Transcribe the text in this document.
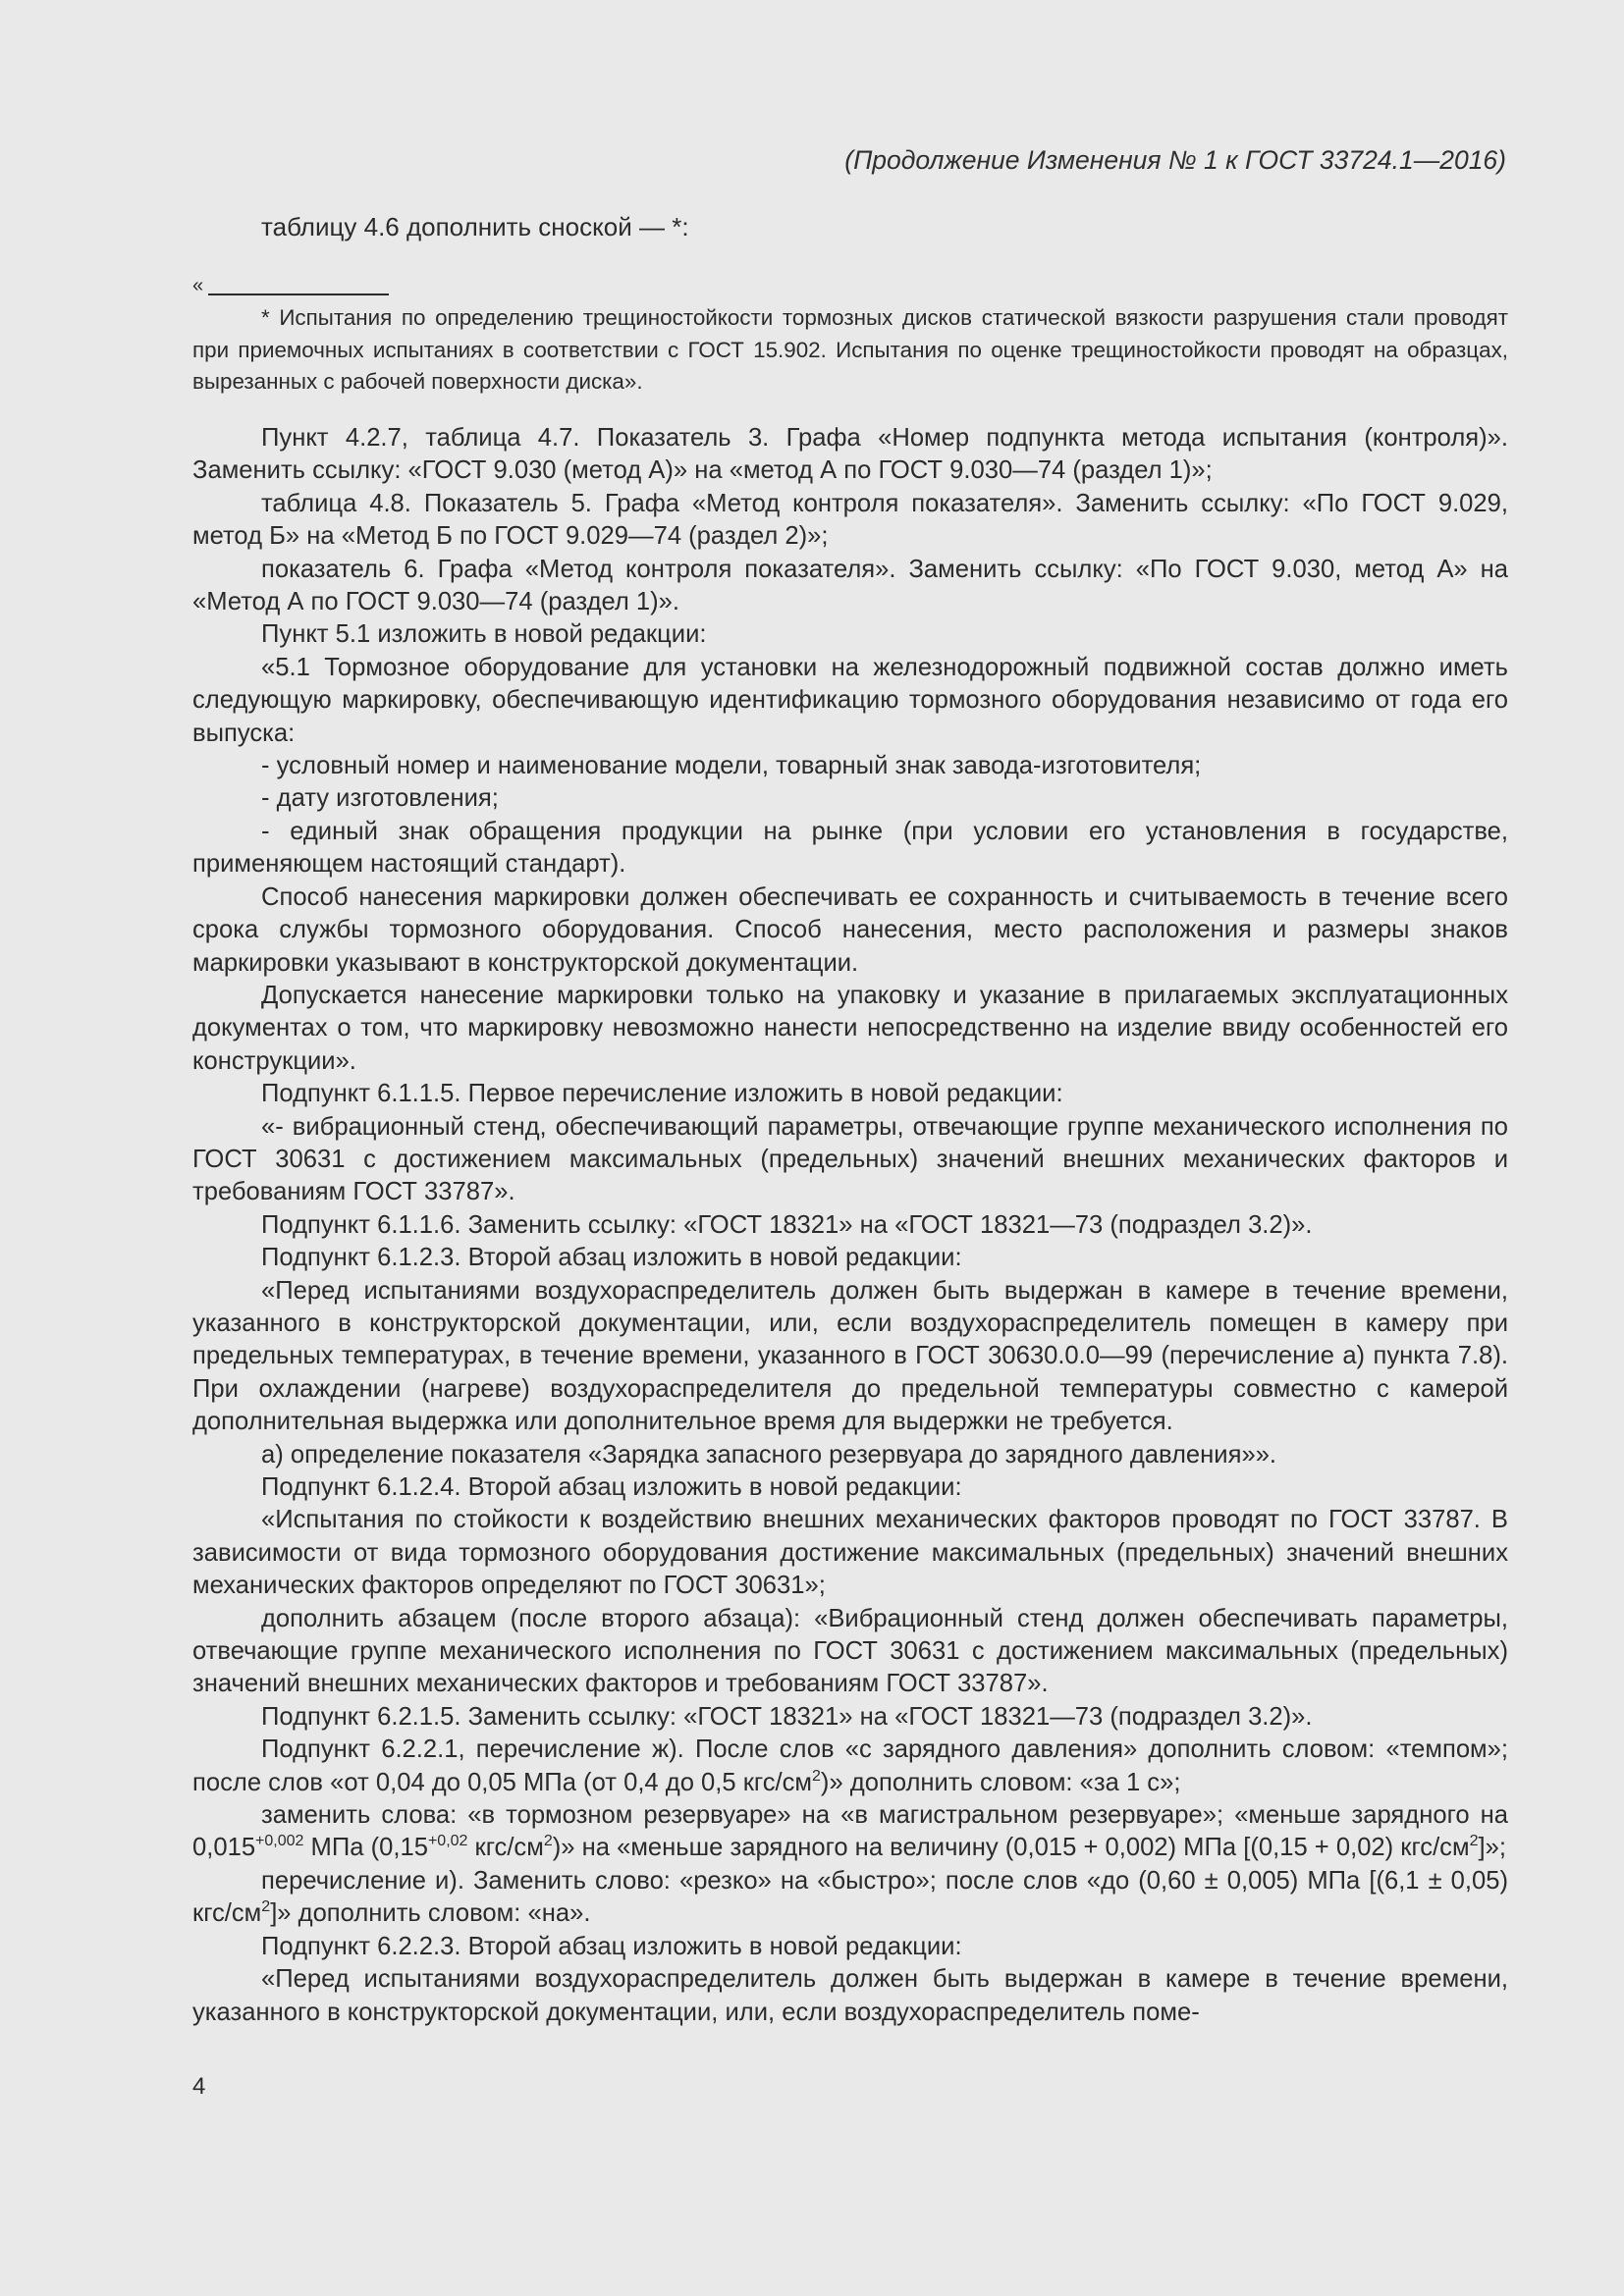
(Продолжение Изменения № 1 к ГОСТ 33724.1—2016)
таблицу 4.6 дополнить сноской — *:
«
* Испытания по определению трещиностойкости тормозных дисков статической вязкости разрушения стали проводят при приемочных испытаниях в соответствии с ГОСТ 15.902. Испытания по оценке трещиностойкости проводят на образцах, вырезанных с рабочей поверхности диска».

Пункт 4.2.7, таблица 4.7. Показатель 3. Графа «Номер подпункта метода испытания (контроля)». Заменить ссылку: «ГОСТ 9.030 (метод А)» на «метод А по ГОСТ 9.030—74 (раздел 1)»;

таблица 4.8. Показатель 5. Графа «Метод контроля показателя». Заменить ссылку: «По ГОСТ 9.029, метод Б» на «Метод Б по ГОСТ 9.029—74 (раздел 2)»;

показатель 6. Графа «Метод контроля показателя». Заменить ссылку: «По ГОСТ 9.030, метод А» на «Метод А по ГОСТ 9.030—74 (раздел 1)».

Пункт 5.1 изложить в новой редакции:

«5.1 Тормозное оборудование для установки на железнодорожный подвижной состав должно иметь следующую маркировку, обеспечивающую идентификацию тормозного оборудования независимо от года его выпуска:

- условный номер и наименование модели, товарный знак завода-изготовителя;

- дату изготовления;

- единый знак обращения продукции на рынке (при условии его установления в государстве, применяющем настоящий стандарт).

Способ нанесения маркировки должен обеспечивать ее сохранность и считываемость в течение всего срока службы тормозного оборудования. Способ нанесения, место расположения и размеры знаков маркировки указывают в конструкторской документации.

Допускается нанесение маркировки только на упаковку и указание в прилагаемых эксплуатационных документах о том, что маркировку невозможно нанести непосредственно на изделие ввиду особенностей его конструкции».

Подпункт 6.1.1.5. Первое перечисление изложить в новой редакции:

«- вибрационный стенд, обеспечивающий параметры, отвечающие группе механического исполнения по ГОСТ 30631 с достижением максимальных (предельных) значений внешних механических факторов и требованиям ГОСТ 33787».

Подпункт 6.1.1.6. Заменить ссылку: «ГОСТ 18321» на «ГОСТ 18321—73 (подраздел 3.2)».

Подпункт 6.1.2.3. Второй абзац изложить в новой редакции:

«Перед испытаниями воздухораспределитель должен быть выдержан в камере в течение времени, указанного в конструкторской документации, или, если воздухораспределитель помещен в камеру при предельных температурах, в течение времени, указанного в ГОСТ 30630.0.0—99 (перечисление а) пункта 7.8). При охлаждении (нагреве) воздухораспределителя до предельной температуры совместно с камерой дополнительная выдержка или дополнительное время для выдержки не требуется.

а) определение показателя «Зарядка запасного резервуара до зарядного давления»».

Подпункт 6.1.2.4. Второй абзац изложить в новой редакции:

«Испытания по стойкости к воздействию внешних механических факторов проводят по ГОСТ 33787. В зависимости от вида тормозного оборудования достижение максимальных (предельных) значений внешних механических факторов определяют по ГОСТ 30631»;

дополнить абзацем (после второго абзаца): «Вибрационный стенд должен обеспечивать параметры, отвечающие группе механического исполнения по ГОСТ 30631 с достижением максимальных (предельных) значений внешних механических факторов и требованиям ГОСТ 33787».

Подпункт 6.2.1.5. Заменить ссылку: «ГОСТ 18321» на «ГОСТ 18321—73 (подраздел 3.2)».

Подпункт 6.2.2.1, перечисление ж). После слов «с зарядного давления» дополнить словом: «темпом»; после слов «от 0,04 до 0,05 МПа (от 0,4 до 0,5 кгс/$см^2$)» дополнить словом: «за 1 с»;

заменить слова: «в тормозном резервуаре» на «в магистральном резервуаре»; «меньше зарядного на $0,015^{+0,002}$ МПа ($0,15^{+0,02}$ кгс/$см^2$)» на «меньше зарядного на величину (0,015 + 0,002) МПа [(0,15 + 0,02) кгс/$см^2$]»;

перечисление и). Заменить слово: «резко» на «быстро»; после слов «до (0,60 ± 0,005) МПа [(6,1 ± 0,05) кгс/$см^2$]» дополнить словом: «на».

Подпункт 6.2.2.3. Второй абзац изложить в новой редакции:

«Перед испытаниями воздухораспределитель должен быть выдержан в камере в течение времени, указанного в конструкторской документации, или, если воздухораспределитель поме-

4
